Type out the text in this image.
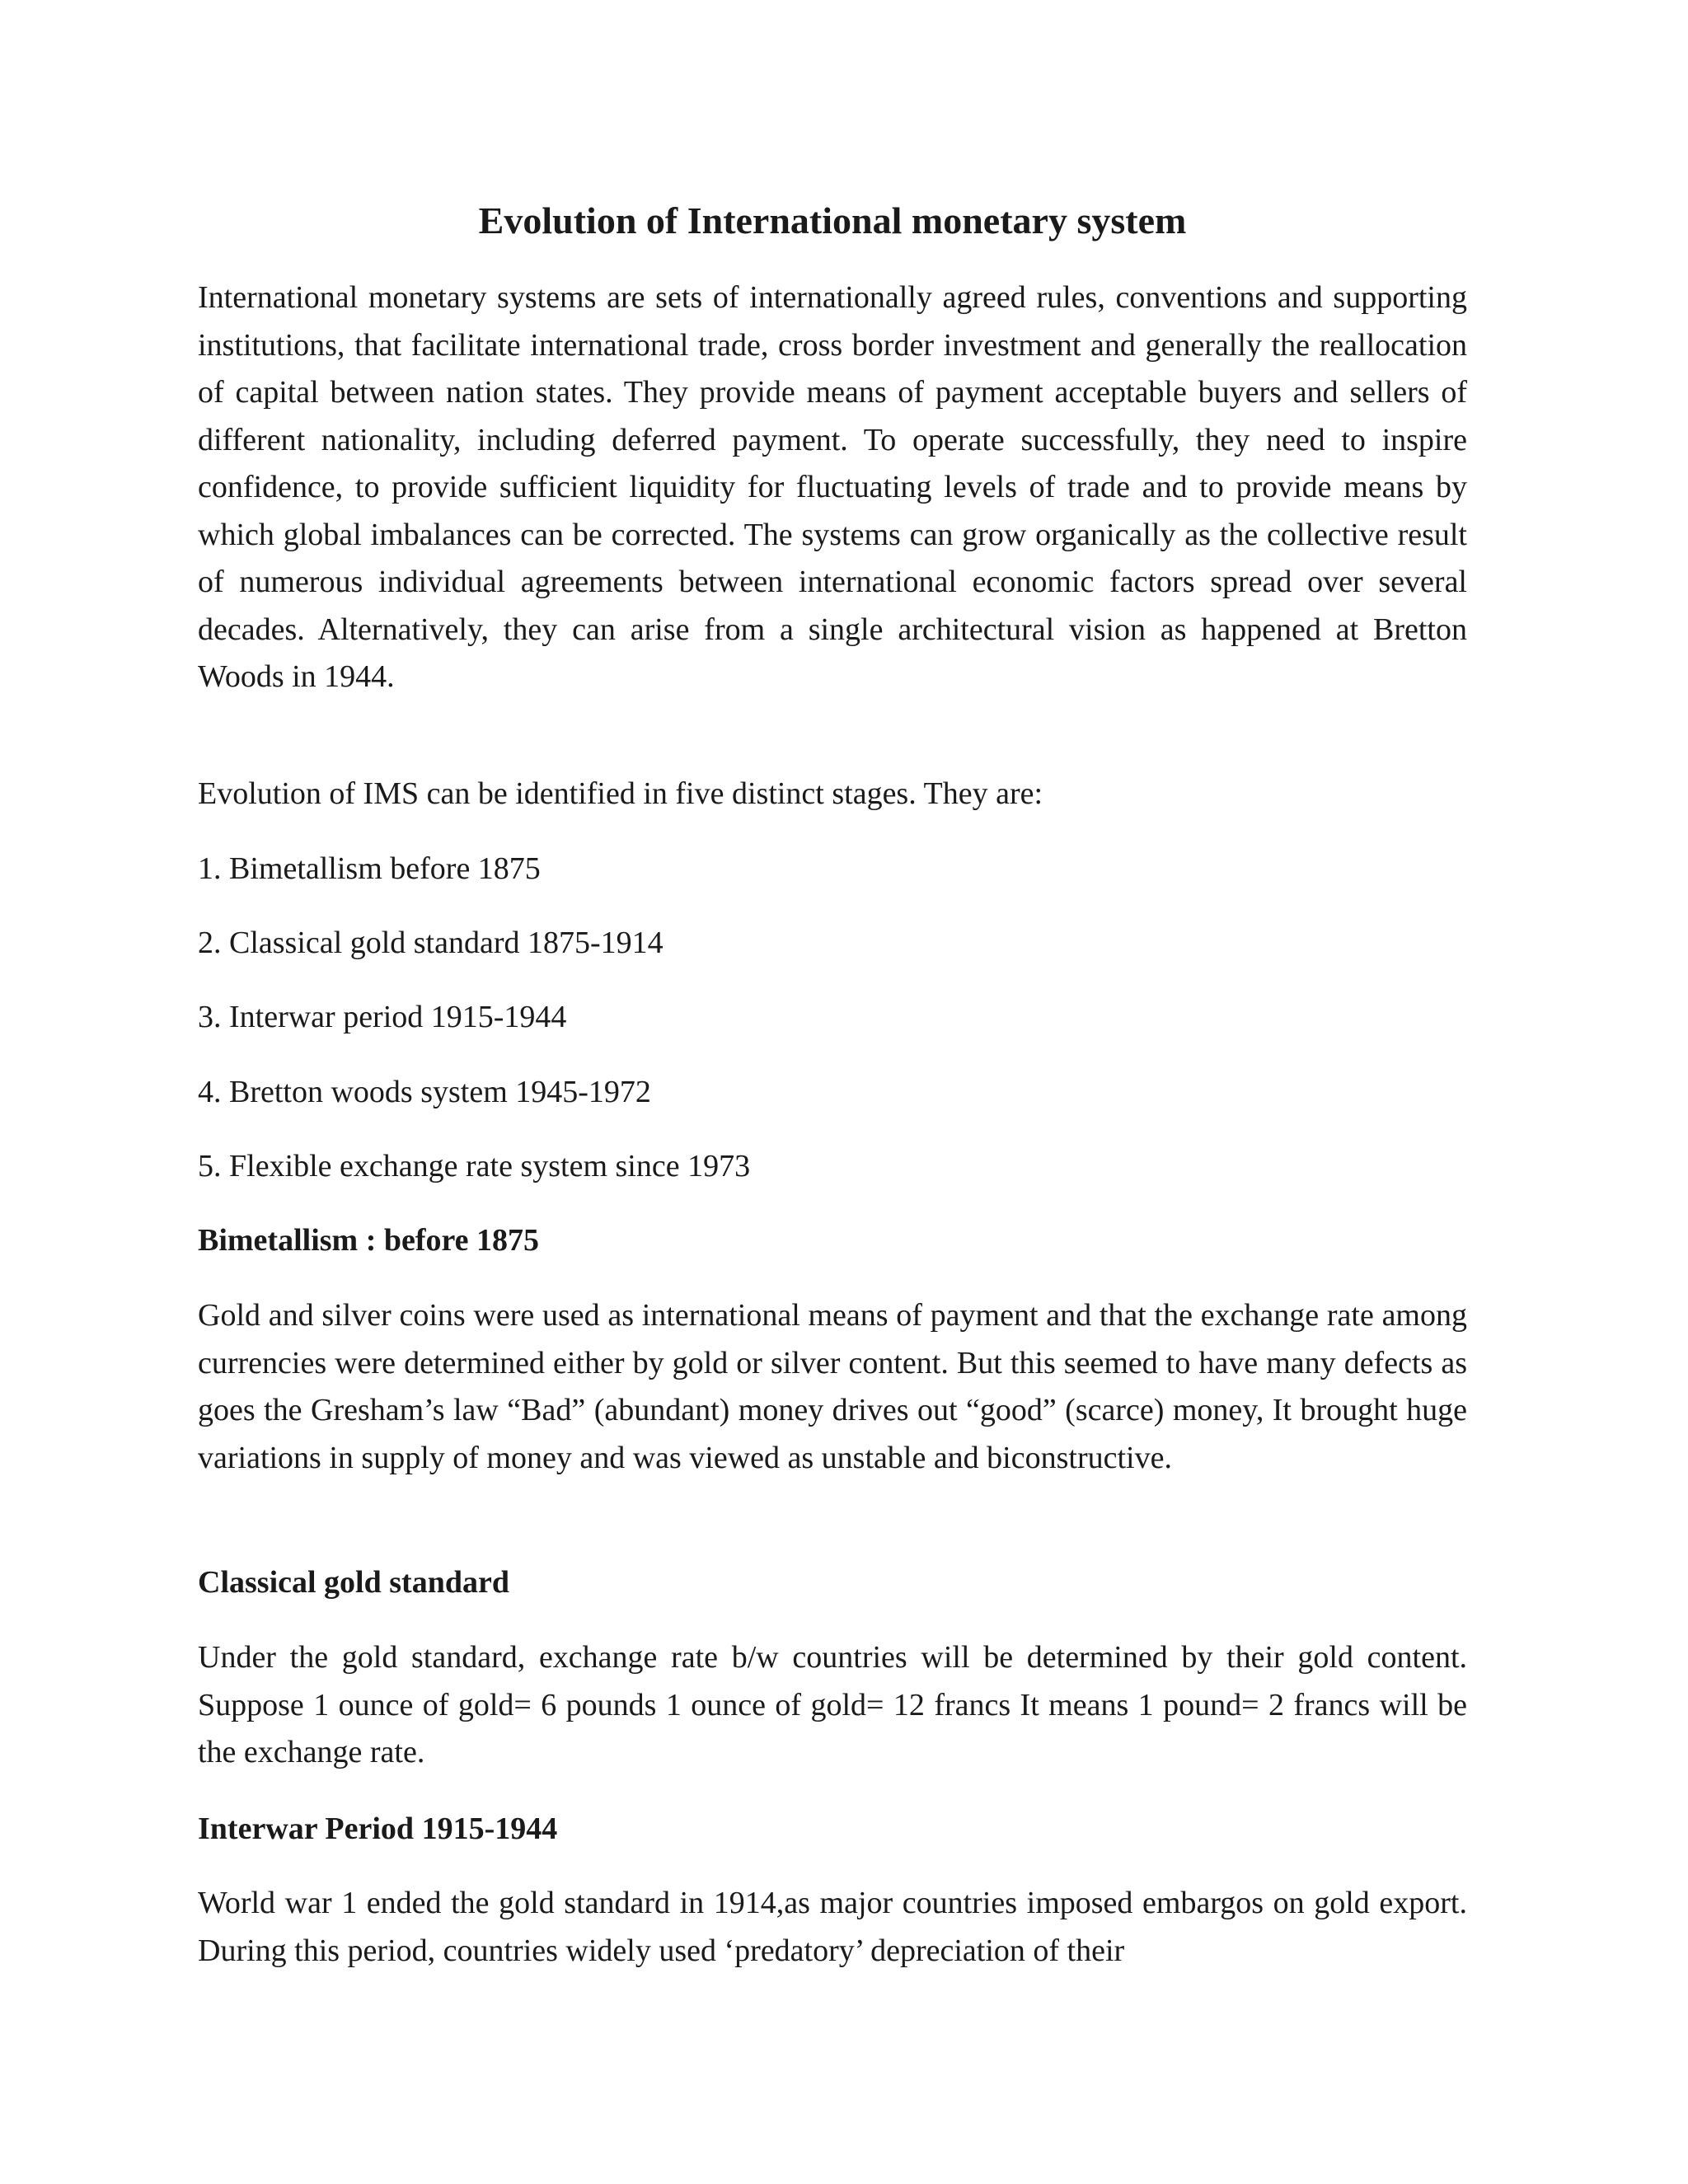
Evolution of International monetary system

International monetary systems are sets of internationally agreed rules, conventions and supporting institutions, that facilitate international trade, cross border investment and generally the reallocation of capital between nation states. They provide means of payment acceptable buyers and sellers of different nationality, including deferred payment. To operate successfully, they need to inspire confidence, to provide sufficient liquidity for fluctuating levels of trade and to provide means by which global imbalances can be corrected. The systems can grow organically as the collective result of numerous individual agreements between international economic factors spread over several decades. Alternatively, they can arise from a single architectural vision as happened at Bretton Woods in 1944.

Evolution of IMS can be identified in five distinct stages. They are:

1. Bimetallism before 1875

2. Classical gold standard 1875-1914

3. Interwar period 1915-1944

4. Bretton woods system 1945-1972

5. Flexible exchange rate system since 1973

Bimetallism : before 1875

Gold and silver coins were used as international means of payment and that the exchange rate among currencies were determined either by gold or silver content. But this seemed to have many defects as goes the Gresham’s law “Bad” (abundant) money drives out “good” (scarce) money, It brought huge variations in supply of money and was viewed as unstable and biconstructive.

Classical gold standard

Under the gold standard, exchange rate b/w countries will be determined by their gold content. Suppose 1 ounce of gold= 6 pounds 1 ounce of gold= 12 francs It means 1 pound= 2 francs will be the exchange rate.

Interwar Period 1915-1944

World war 1 ended the gold standard in 1914,as major countries imposed embargos on gold export. During this period, countries widely used ‘predatory’ depreciation of their
